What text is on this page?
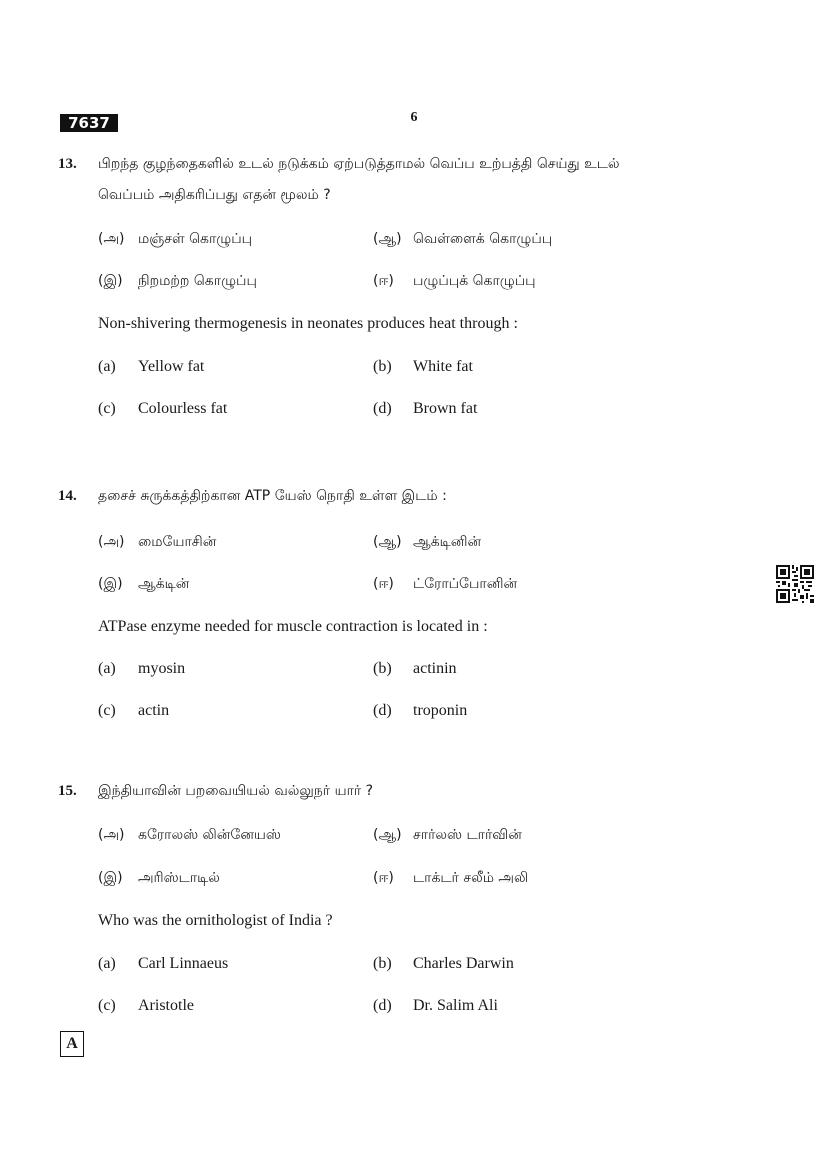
7637	6
13. பிறந்த குழந்தைகளில் உடல் நடுக்கம் ஏற்படுத்தாமல் வெப்ப உற்பத்தி செய்து உடல்
வெப்பம் அதிகரிப்பது எதன் மூலம் ?
(அ) மஞ்சள் கொழுப்பு	(ஆ) வெள்ளைக் கொழுப்பு
(இ) நிறமற்ற கொழுப்பு	(ஈ) பழுப்புக் கொழுப்பு
Non-shivering thermogenesis in neonates produces heat through :
(a) Yellow fat	(b) White fat
(c) Colourless fat	(d) Brown fat
14. தசைச் சுருக்கத்திற்கான ATP யேஸ் நொதி உள்ள இடம் :
(அ) மையோசின்	(ஆ) ஆக்டினின்
(இ) ஆக்டின்	(ஈ) ட்ரோப்போனின்
ATPase enzyme needed for muscle contraction is located in :
(a) myosin	(b) actinin
(c) actin	(d) troponin
15. இந்தியாவின் பறவையியல் வல்லுநர் யார் ?
(அ) கரோலஸ் லின்னேயஸ்	(ஆ) சார்லஸ் டார்வின்
(இ) அரிஸ்டாடில்	(ஈ) டாக்டர் சலீம் அலி
Who was the ornithologist of India ?
(a) Carl Linnaeus	(b) Charles Darwin
(c) Aristotle	(d) Dr. Salim Ali
A
